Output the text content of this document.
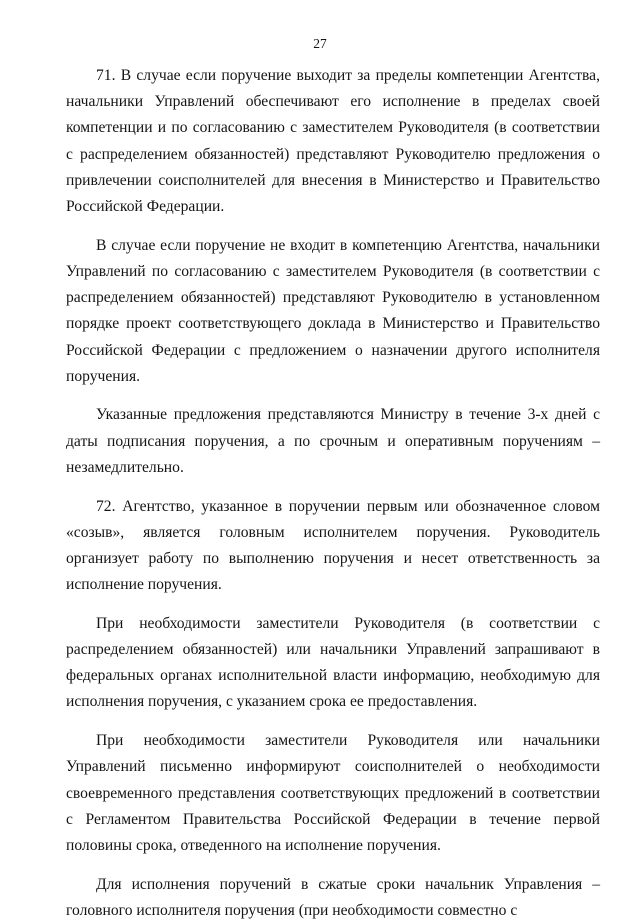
27

71. В случае если поручение выходит за пределы компетенции Агентства, начальники Управлений обеспечивают его исполнение в пределах своей компетенции и по согласованию с заместителем Руководителя (в соответствии с распределением обязанностей) представляют Руководителю предложения о привлечении соисполнителей для внесения в Министерство и Правительство Российской Федерации.

В случае если поручение не входит в компетенцию Агентства, начальники Управлений по согласованию с заместителем Руководителя (в соответствии с распределением обязанностей) представляют Руководителю в установленном порядке проект соответствующего доклада в Министерство и Правительство Российской Федерации с предложением о назначении другого исполнителя поручения.

Указанные предложения представляются Министру в течение 3-х дней с даты подписания поручения, а по срочным и оперативным поручениям – незамедлительно.

72. Агентство, указанное в поручении первым или обозначенное словом «созыв», является головным исполнителем поручения. Руководитель организует работу по выполнению поручения и несет ответственность за исполнение поручения.

При необходимости заместители Руководителя (в соответствии с распределением обязанностей) или начальники Управлений запрашивают в федеральных органах исполнительной власти информацию, необходимую для исполнения поручения, с указанием срока ее предоставления.

При необходимости заместители Руководителя или начальники Управлений письменно информируют соисполнителей о необходимости своевременного представления соответствующих предложений в соответствии с Регламентом Правительства Российской Федерации в течение первой половины срока, отведенного на исполнение поручения.

Для исполнения поручений в сжатые сроки начальник Управления – головного исполнителя поручения (при необходимости совместно с
